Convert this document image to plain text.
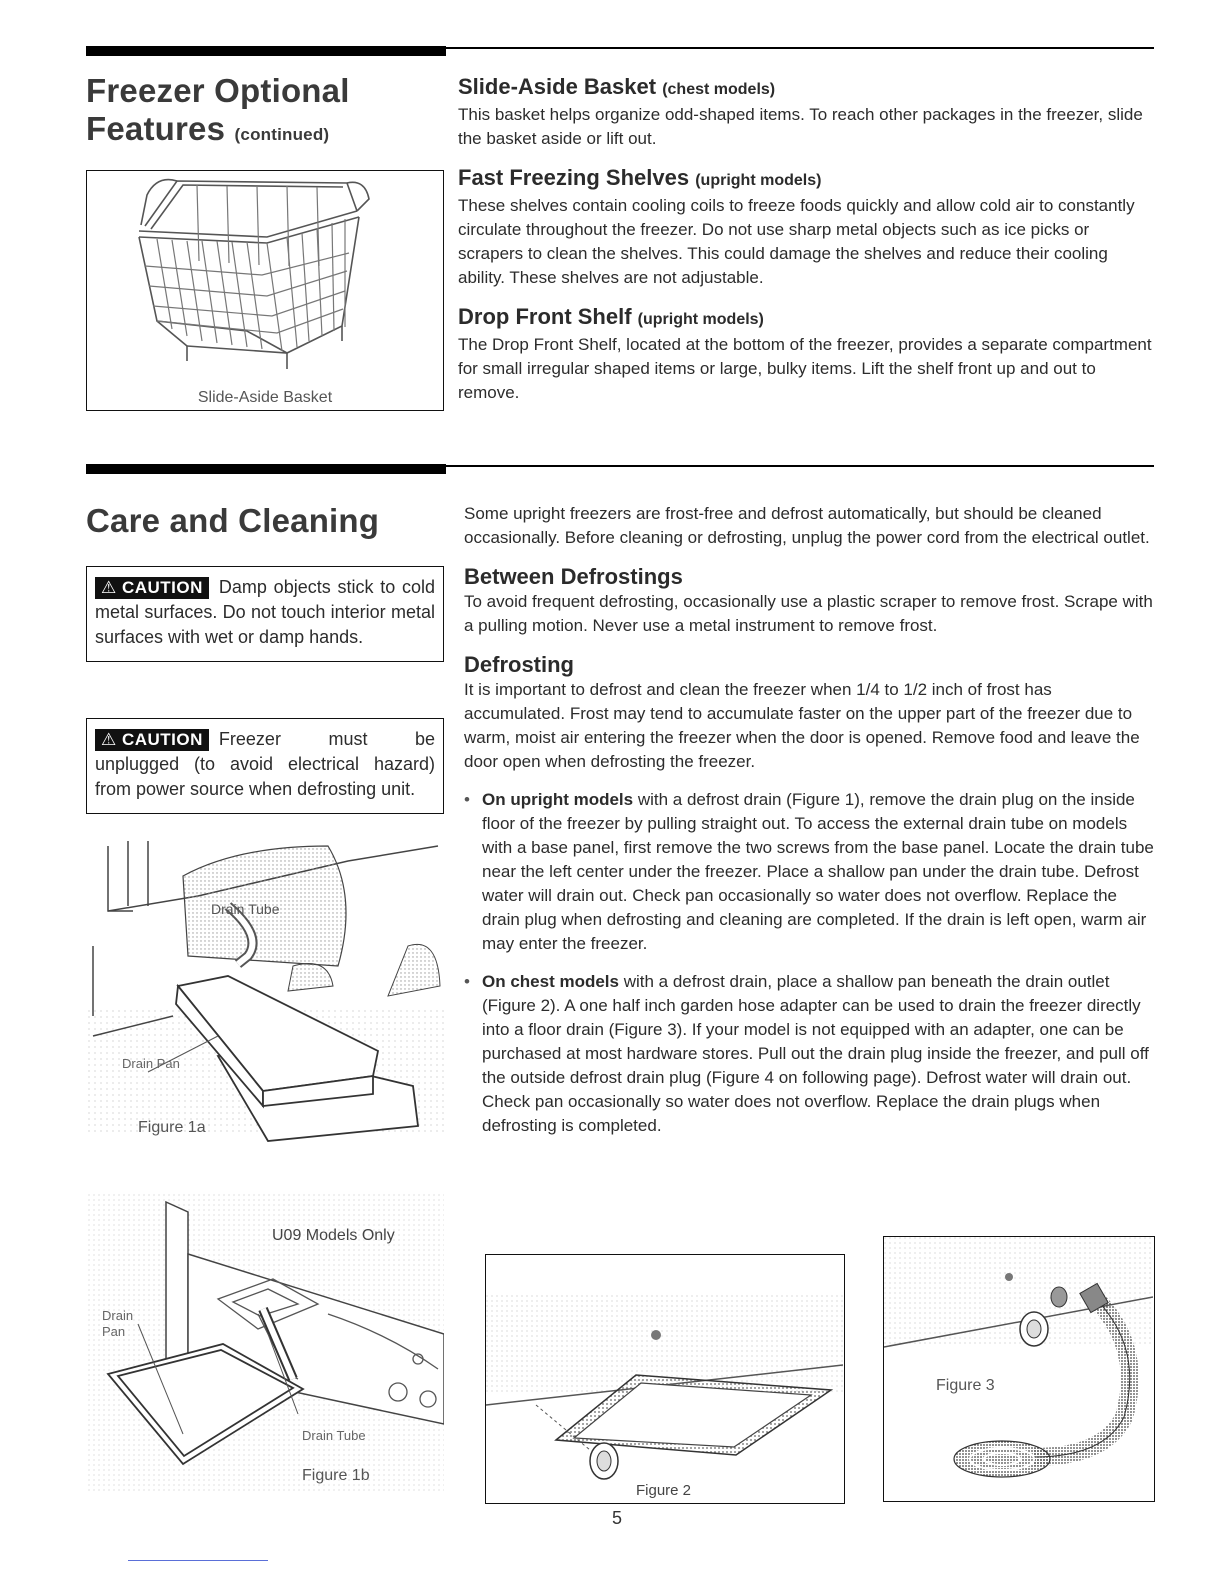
Freezer Optional
Features (continued)
Slide-Aside Basket

Slide-Aside Basket (chest models)

This basket helps organize odd-shaped items. To reach other packages in the freezer, slide the basket aside or lift out.

Fast Freezing Shelves (upright models)

These shelves contain cooling coils to freeze foods quickly and allow cold air to constantly circulate throughout the freezer. Do not use sharp metal objects such as ice picks or scrapers to clean the shelves. This could damage the shelves and reduce their cooling ability. These shelves are not adjustable.

Drop Front Shelf (upright models)

The Drop Front Shelf, located at the bottom of the freezer, provides a separate compartment for small irregular shaped items or large, bulky items. Lift the shelf front up and out to remove.

Care and Cleaning
⚠ CAUTION Damp objects stick to cold metal surfaces. Do not touch interior metal surfaces with wet or damp hands.
⚠ CAUTION Freezer must be unplugged (to avoid electrical hazard) from power source when defrosting unit.
Drain Tube
Drain Pan
Figure 1a
U09 Models Only
Drain
Pan
Drain Tube
Figure 1b

Some upright freezers are frost-free and defrost automatically, but should be cleaned occasionally. Before cleaning or defrosting, unplug the power cord from the electrical outlet.

Between Defrostings

To avoid frequent defrosting, occasionally use a plastic scraper to remove frost. Scrape with a pulling motion. Never use a metal instrument to remove frost.

Defrosting

It is important to defrost and clean the freezer when 1/4 to 1/2 inch of frost has accumulated. Frost may tend to accumulate faster on the upper part of the freezer due to warm, moist air entering the freezer when the door is opened. Remove food and leave the door open when defrosting the freezer.

• On upright models with a defrost drain (Figure 1), remove the drain plug on the inside floor of the freezer by pulling straight out. To access the external drain tube on models with a base panel, first remove the two screws from the base panel. Locate the drain tube near the left center under the freezer. Place a shallow pan under the drain tube. Defrost water will drain out. Check pan occasionally so water does not overflow. Replace the drain plug when defrosting and cleaning are completed. If the drain is left open, warm air may enter the freezer.
• On chest models with a defrost drain, place a shallow pan beneath the drain outlet (Figure 2). A one half inch garden hose adapter can be used to drain the freezer directly into a floor drain (Figure 3). If your model is not equipped with an adapter, one can be purchased at most hardware stores. Pull out the drain plug inside the freezer, and pull off the outside defrost drain plug (Figure 4 on following page). Defrost water will drain out. Check pan occasionally so water does not overflow. Replace the drain plugs when defrosting is completed.
Figure 2
Figure 3
5
